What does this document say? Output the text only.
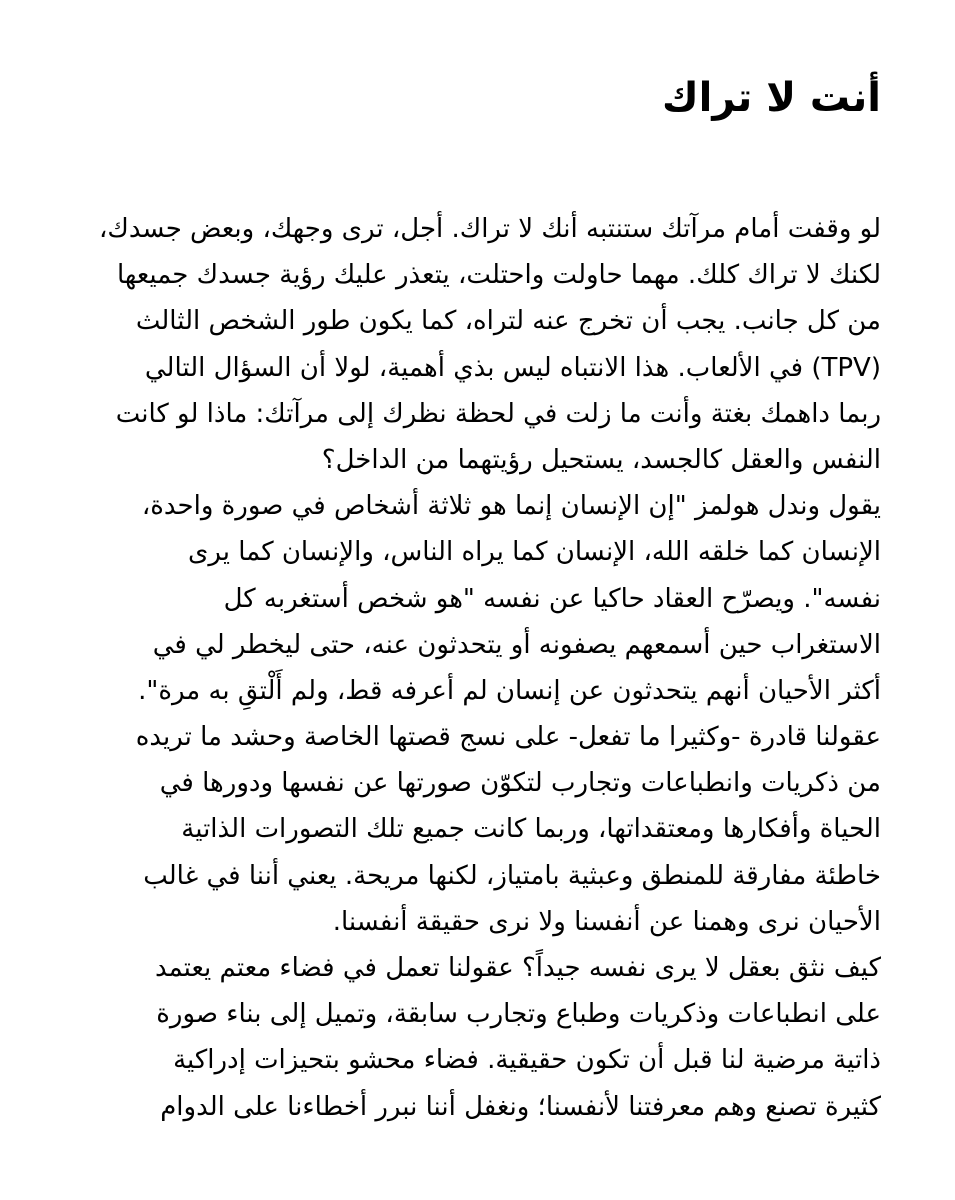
أنت لا تراك
لو وقفت أمام مرآتك ستنتبه أنك لا تراك. أجل، ترى وجهك، وبعض جسدك،
لكنك لا تراك كلك. مهما حاولت واحتلت، يتعذر عليك رؤية جسدك جميعها
من كل جانب. يجب أن تخرج عنه لتراه، كما يكون طور الشخص الثالث
(TPV) في الألعاب. هذا الانتباه ليس بذي أهمية، لولا أن السؤال التالي
ربما داهمك بغتة وأنت ما زلت في لحظة نظرك إلى مرآتك: ماذا لو كانت
النفس والعقل كالجسد، يستحيل رؤيتهما من الداخل؟
يقول وندل هولمز "إن الإنسان إنما هو ثلاثة أشخاص في صورة واحدة،
الإنسان كما خلقه الله، الإنسان كما يراه الناس، والإنسان كما يرى
نفسه". ويصرّح العقاد حاكيا عن نفسه "هو شخص أستغربه كل
الاستغراب حين أسمعهم يصفونه أو يتحدثون عنه، حتى ليخطر لي في
أكثر الأحيان أنهم يتحدثون عن إنسان لم أعرفه قط، ولم أَلْتقِ به مرة".
عقولنا قادرة -وكثيرا ما تفعل- على نسج قصتها الخاصة وحشد ما تريده
من ذكريات وانطباعات وتجارب لتكوّن صورتها عن نفسها ودورها في
الحياة وأفكارها ومعتقداتها، وربما كانت جميع تلك التصورات الذاتية
خاطئة مفارقة للمنطق وعبثية بامتياز، لكنها مريحة. يعني أننا في غالب
الأحيان نرى وهمنا عن أنفسنا ولا نرى حقيقة أنفسنا.
كيف نثق بعقل لا يرى نفسه جيداً؟ عقولنا تعمل في فضاء معتم يعتمد
على انطباعات وذكريات وطباع وتجارب سابقة، وتميل إلى بناء صورة
ذاتية مرضية لنا قبل أن تكون حقيقية. فضاء محشو بتحيزات إدراكية
كثيرة تصنع وهم معرفتنا لأنفسنا؛ ونغفل أننا نبرر أخطاءنا على الدوام
